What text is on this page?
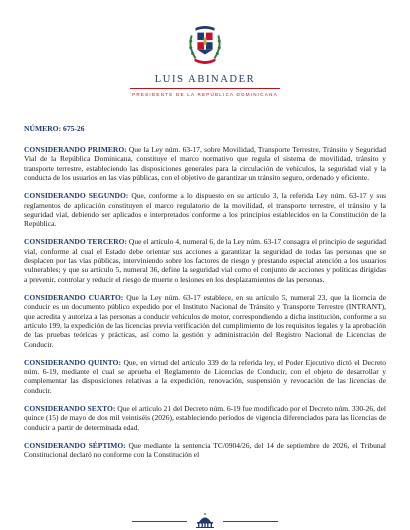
LUIS ABINADER
PRESIDENTE DE LA REPÚBLICA DOMINICANA

NÚMERO: 675-26

CONSIDERANDO PRIMERO: Que la Ley núm. 63-17, sobre Movilidad, Transporte Terrestre, Tránsito y Seguridad Vial de la República Dominicana, constituye el marco normativo que regula el sistema de movilidad, tránsito y transporte terrestre, estableciendo las disposiciones generales para la circulación de vehículos, la seguridad vial y la conducta de los usuarios en las vías públicas, con el objetivo de garantizar un tránsito seguro, ordenado y eficiente.

CONSIDERANDO SEGUNDO: Que, conforme a lo dispuesto en su artículo 3, la referida Ley núm. 63-17 y sus reglamentos de aplicación constituyen el marco regulatorio de la movilidad, el transporte terrestre, el tránsito y la seguridad vial, debiendo ser aplicados e interpretados conforme a los principios establecidos en la Constitución de la República.

CONSIDERANDO TERCERO: Que el artículo 4, numeral 6, de la Ley núm. 63-17 consagra el principio de seguridad vial, conforme al cual el Estado debe orientar sus acciones a garantizar la seguridad de todas las personas que se desplacen por las vías públicas, interviniendo sobre los factores de riesgo y prestando especial atención a los usuarios vulnerables; y que su artículo 5, numeral 36, define la seguridad vial como el conjunto de acciones y políticas dirigidas a prevenir, controlar y reducir el riesgo de muerte o lesiones en los desplazamientos de las personas.

CONSIDERANDO CUARTO: Que la Ley núm. 63-17 establece, en su artículo 5, numeral 23, que la licencia de conducir es un documento público expedido por el Instituto Nacional de Tránsito y Transporte Terrestre (INTRANT), que acredita y autoriza a las personas a conducir vehículos de motor, correspondiendo a dicha institución, conforme a su artículo 199, la expedición de las licencias previa verificación del cumplimiento de los requisitos legales y la aprobación de las pruebas teóricas y prácticas, así como la gestión y administración del Registro Nacional de Licencias de Conducir.

CONSIDERANDO QUINTO: Que, en virtud del artículo 339 de la referida ley, el Poder Ejecutivo dictó el Decreto núm. 6-19, mediante el cual se aprueba el Reglamento de Licencias de Conducir, con el objeto de desarrollar y complementar las disposiciones relativas a la expedición, renovación, suspensión y revocación de las licencias de conducir.

CONSIDERANDO SEXTO: Que el artículo 21 del Decreto núm. 6-19 fue modificado por el Decreto núm. 330-26, del quince (15) de mayo de dos mil veintiséis (2026), estableciendo períodos de vigencia diferenciados para las licencias de conducir a partir de determinada edad.

CONSIDERANDO SÉPTIMO: Que mediante la sentencia TC/0904/26, del 14 de septiembre de 2026, el Tribunal Constitucional declaró no conforme con la Constitución el
